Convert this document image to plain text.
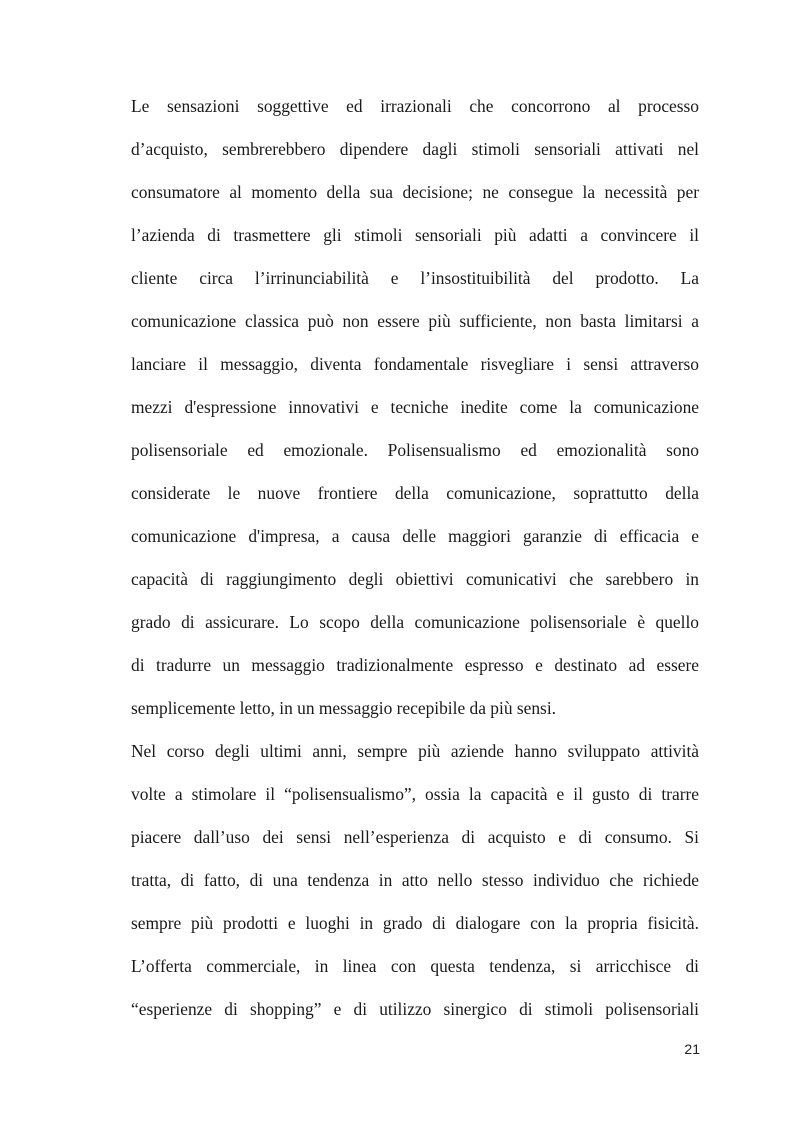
Le sensazioni soggettive ed irrazionali che concorrono al processo
d’acquisto, sembrerebbero dipendere dagli stimoli sensoriali attivati nel
consumatore al momento della sua decisione; ne consegue la necessità per
l’azienda di trasmettere gli stimoli sensoriali più adatti a convincere il
cliente circa l’irrinunciabilità e l’insostituibilità del prodotto. La
comunicazione classica può non essere più sufficiente, non basta limitarsi a
lanciare il messaggio, diventa fondamentale risvegliare i sensi attraverso
mezzi d'espressione innovativi e tecniche inedite come la comunicazione
polisensoriale ed emozionale. Polisensualismo ed emozionalità sono
considerate le nuove frontiere della comunicazione, soprattutto della
comunicazione d'impresa, a causa delle maggiori garanzie di efficacia e
capacità di raggiungimento degli obiettivi comunicativi che sarebbero in
grado di assicurare. Lo scopo della comunicazione polisensoriale è quello
di tradurre un messaggio tradizionalmente espresso e destinato ad essere
semplicemente letto, in un messaggio recepibile da più sensi.
Nel corso degli ultimi anni, sempre più aziende hanno sviluppato attività
volte a stimolare il “polisensualismo”, ossia la capacità e il gusto di trarre
piacere dall’uso dei sensi nell’esperienza di acquisto e di consumo. Si
tratta, di fatto, di una tendenza in atto nello stesso individuo che richiede
sempre più prodotti e luoghi in grado di dialogare con la propria fisicità.
L’offerta commerciale, in linea con questa tendenza, si arricchisce di
“esperienze di shopping” e di utilizzo sinergico di stimoli polisensoriali
21
